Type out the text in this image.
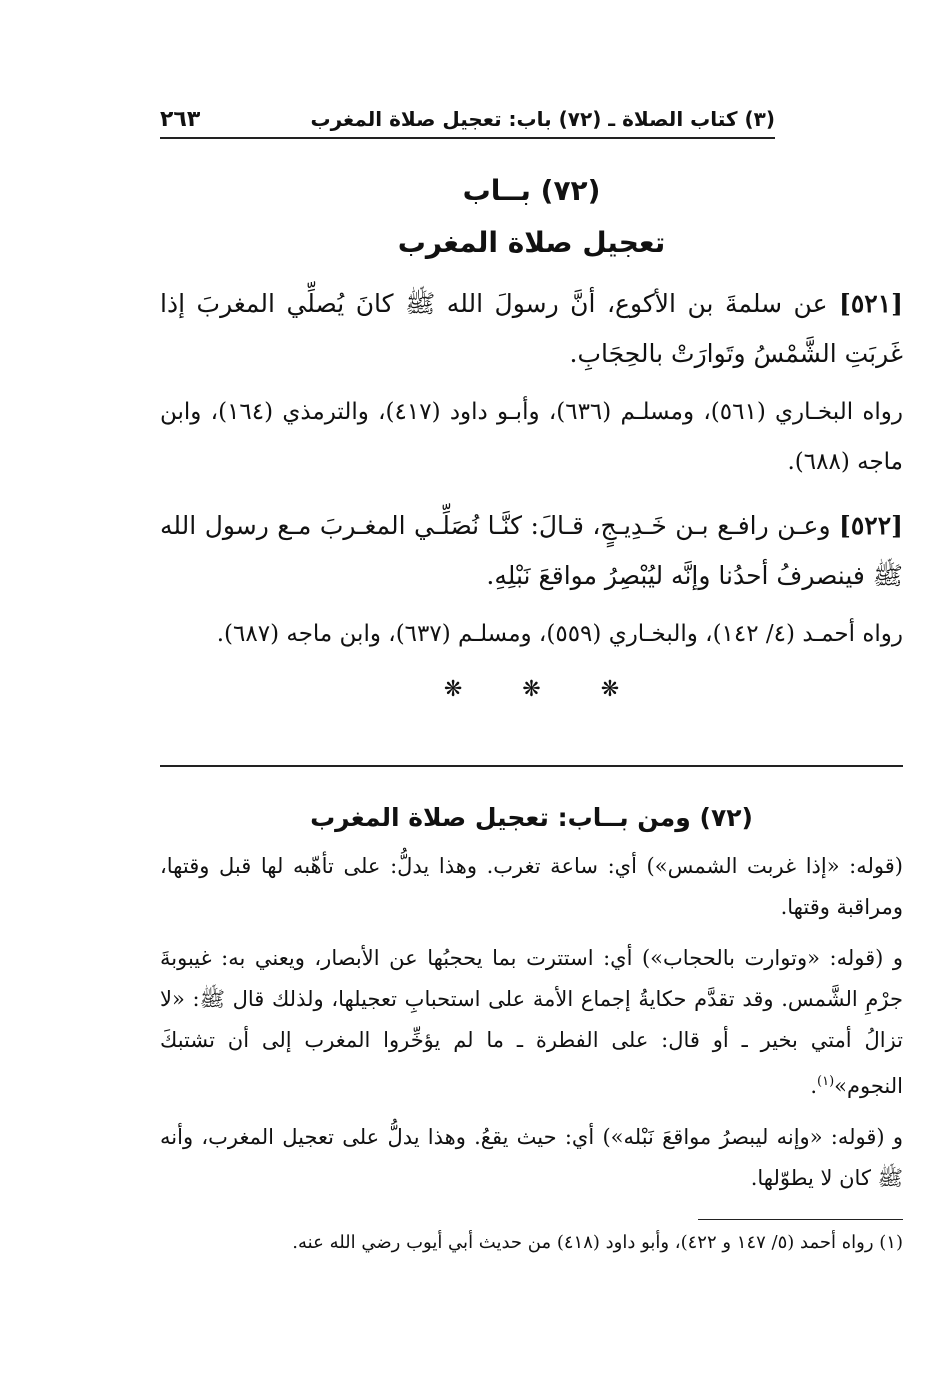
(٣) كتاب الصلاة ـ (٧٢) باب: تعجيل صلاة المغرب
٢٦٣
(٧٢) بــاب
تعجيل صلاة المغرب

[٥٢١] عن سلمةَ بن الأكوع، أنَّ رسولَ الله ﷺ كانَ يُصلِّي المغربَ إذا غَربَتِ الشَّمْسُ وتَوارَتْ بالحِجَابِ.

رواه البخـاري (٥٦١)، ومسلـم (٦٣٦)، وأبـو داود (٤١٧)، والترمذي (١٦٤)، وابن ماجه (٦٨٨).

[٥٢٢] وعـن رافـع بـن خَـدِيـجٍ، قـالَ: كنَّـا نُصَلِّـي المغـربَ مـع رسول الله ﷺ فينصرفُ أحدُنا وإنَّه ليُبْصِرُ مواقعَ نَبْلِهِ.

رواه أحمـد (٤/ ١٤٢)، والبخـاري (٥٥٩)، ومسلـم (٦٣٧)، وابن ماجه (٦٨٧).

❋❋❋
(٧٢) ومن بــاب: تعجيل صلاة المغرب

(قوله: «إذا غربت الشمس») أي: ساعة تغرب. وهذا يدلُّ: على تأهّبه لها قبل وقتها، ومراقبة وقتها.

و (قوله: «وتوارت بالحجاب») أي: استترت بما يحجبُها عن الأبصار، ويعني به: غيبوبةَ جرْمِ الشَّمس. وقد تقدَّم حكايةُ إجماع الأمة على استحبابِ تعجيلها، ولذلك قال ﷺ: «لا تزالُ أمتي بخير ـ أو قال: على الفطرة ـ ما لم يؤخِّروا المغرب إلى أن تشتبكَ النجوم»$^{(١)}$.

و (قوله: «وإنه ليبصرُ مواقعَ نَبْله») أي: حيث يقعُ. وهذا يدلُّ على تعجيل المغرب، وأنه ﷺ كان لا يطوّلها.

(١) رواه أحمد (٥/ ١٤٧ و ٤٢٢)، وأبو داود (٤١٨) من حديث أبي أيوب رضي الله عنه.
